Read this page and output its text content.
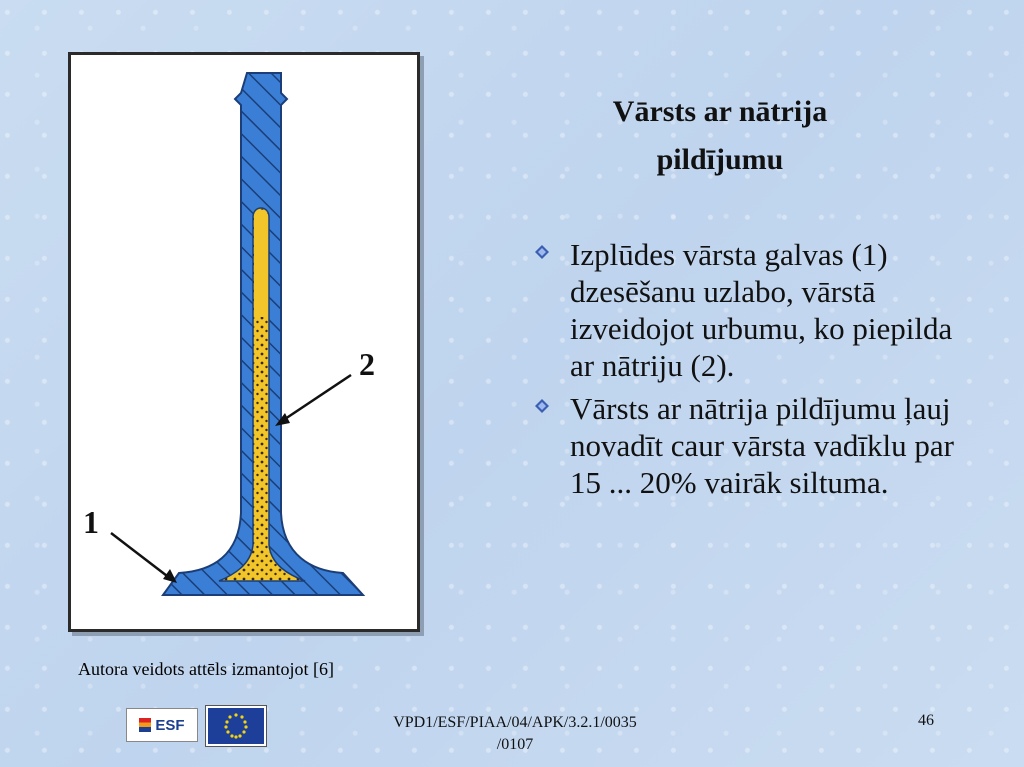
2
1
Autora veidots attēls izmantojot [6]
Vārsts ar nātrija pildījumu
Izplūdes vārsta galvas (1) dzesēšanu uzlabo, vārstā izveidojot urbumu, ko piepilda ar nātriju (2).
Vārsts ar nātrija pildījumu ļauj novadīt caur vārsta vadīklu par 15 ... 20% vairāk siltuma.
ESF	VPD1/ESF/PIAA/04/APK/3.2.1/0035
/0107
46
